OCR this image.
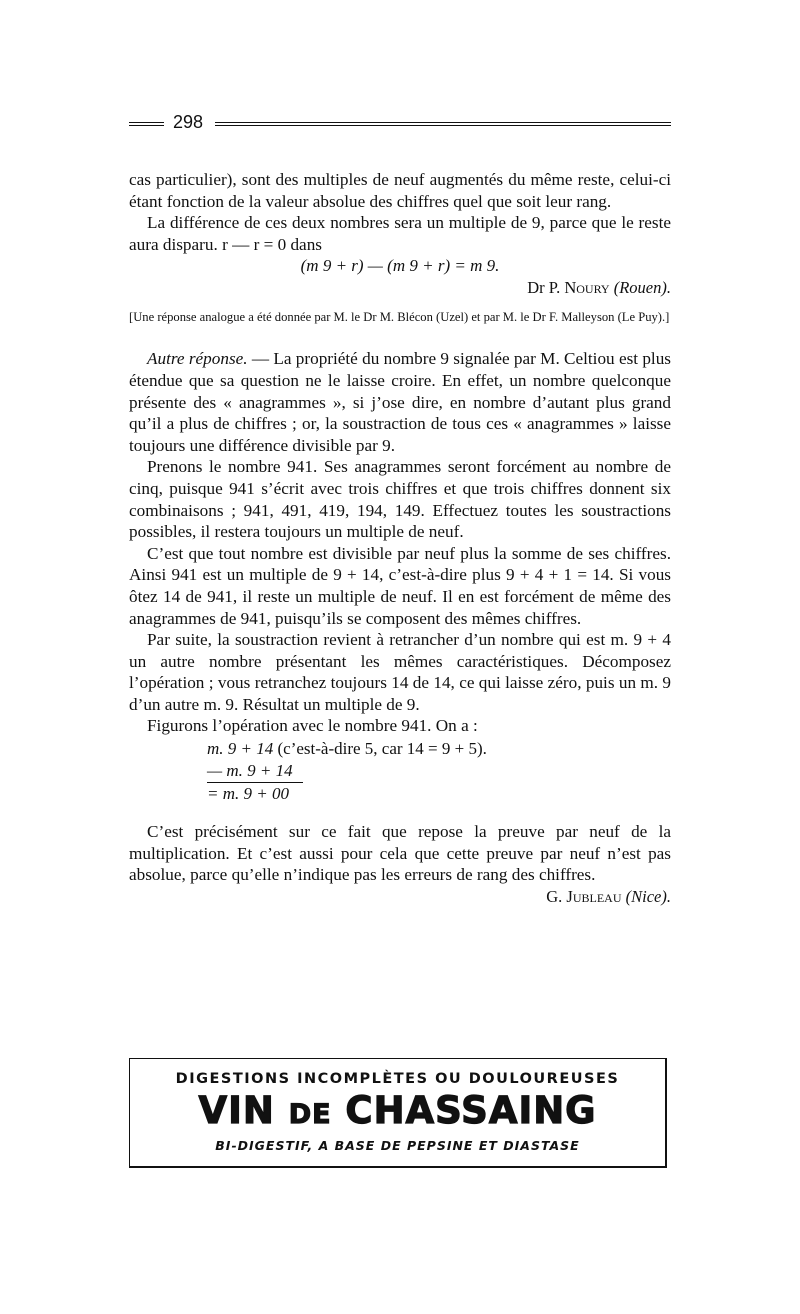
298

cas particulier), sont des multiples de neuf augmentés du même reste, celui-ci étant fonction de la valeur absolue des chiffres quel que soit leur rang.

La différence de ces deux nombres sera un multiple de 9, parce que le reste aura disparu. r — r = 0 dans

(m 9 + r) — (m 9 + r) = m 9.
Dr P. Noury (Rouen).

[Une réponse analogue a été donnée par M. le Dr M. Blécon (Uzel) et par M. le Dr F. Malleyson (Le Puy).]

Autre réponse. — La propriété du nombre 9 signalée par M. Celtiou est plus étendue que sa question ne le laisse croire. En effet, un nombre quelconque présente des « anagrammes », si j’ose dire, en nombre d’autant plus grand qu’il a plus de chiffres ; or, la soustraction de tous ces « anagrammes » laisse toujours une différence divisible par 9.

Prenons le nombre 941. Ses anagrammes seront forcément au nombre de cinq, puisque 941 s’écrit avec trois chiffres et que trois chiffres donnent six combinaisons ; 941, 491, 419, 194, 149. Effectuez toutes les soustractions possibles, il restera toujours un multiple de neuf.

C’est que tout nombre est divisible par neuf plus la somme de ses chiffres. Ainsi 941 est un multiple de 9 + 14, c’est-à-dire plus 9 + 4 + 1 = 14. Si vous ôtez 14 de 941, il reste un multiple de neuf. Il en est forcément de même des anagrammes de 941, puisqu’ils se composent des mêmes chiffres.

Par suite, la soustraction revient à retrancher d’un nombre qui est m. 9 + 4 un autre nombre présentant les mêmes caractéristiques. Décomposez l’opération ; vous retranchez toujours 14 de 14, ce qui laisse zéro, puis un m. 9 d’un autre m. 9. Résultat un multiple de 9.

Figurons l’opération avec le nombre 941. On a :

m. 9 + 14 (c’est-à-dire 5, car 14 = 9 + 5).
— m. 9 + 14
= m. 9 + 00

C’est précisément sur ce fait que repose la preuve par neuf de la multiplication. Et c’est aussi pour cela que cette preuve par neuf n’est pas absolue, parce qu’elle n’indique pas les erreurs de rang des chiffres.

G. Jubleau (Nice).
DIGESTIONS INCOMPLÈTES OU DOULOUREUSES
VIN DE CHASSAING
BI-DIGESTIF, A BASE DE PEPSINE ET DIASTASE
